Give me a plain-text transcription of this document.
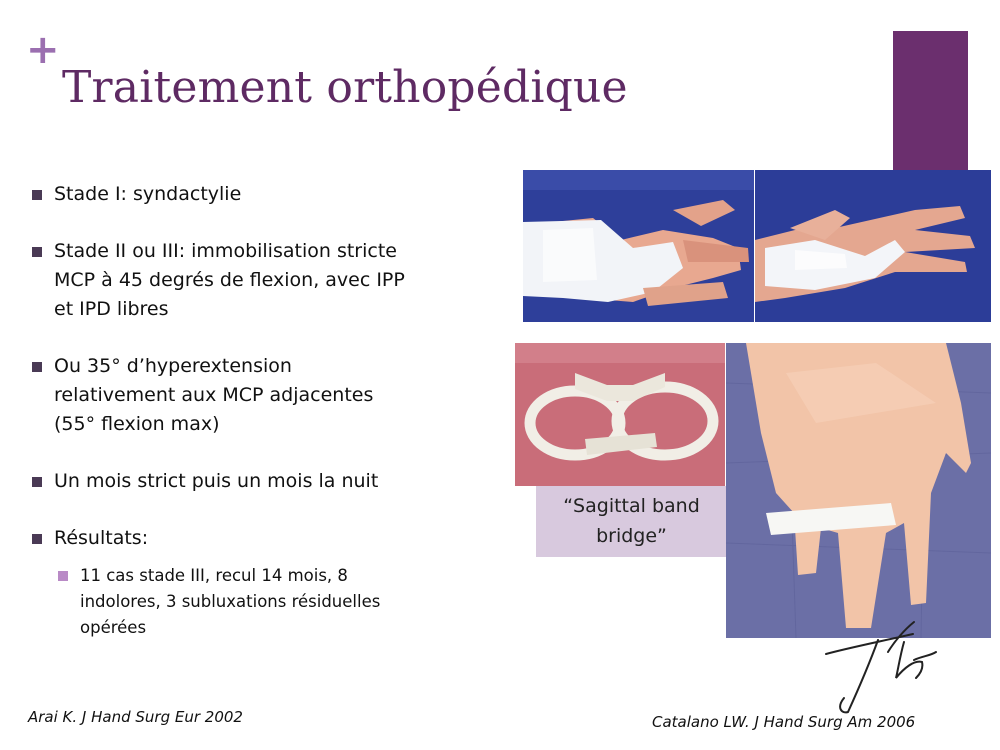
+
Traitement orthopédique
Stade I: syndactylie
Stade II ou III: immobilisation stricte
MCP à 45 degrés de flexion, avec IPP
et IPD libres
Ou 35° d’hyperextension
relativement aux MCP adjacentes
(55° flexion max)
Un mois strict puis un mois la nuit
Résultats:
11 cas stade III, recul 14 mois, 8
indolores, 3 subluxations résiduelles
opérées
“Sagittal band
bridge”
Arai K. J Hand Surg Eur 2002	Catalano LW. J Hand Surg Am 2006
